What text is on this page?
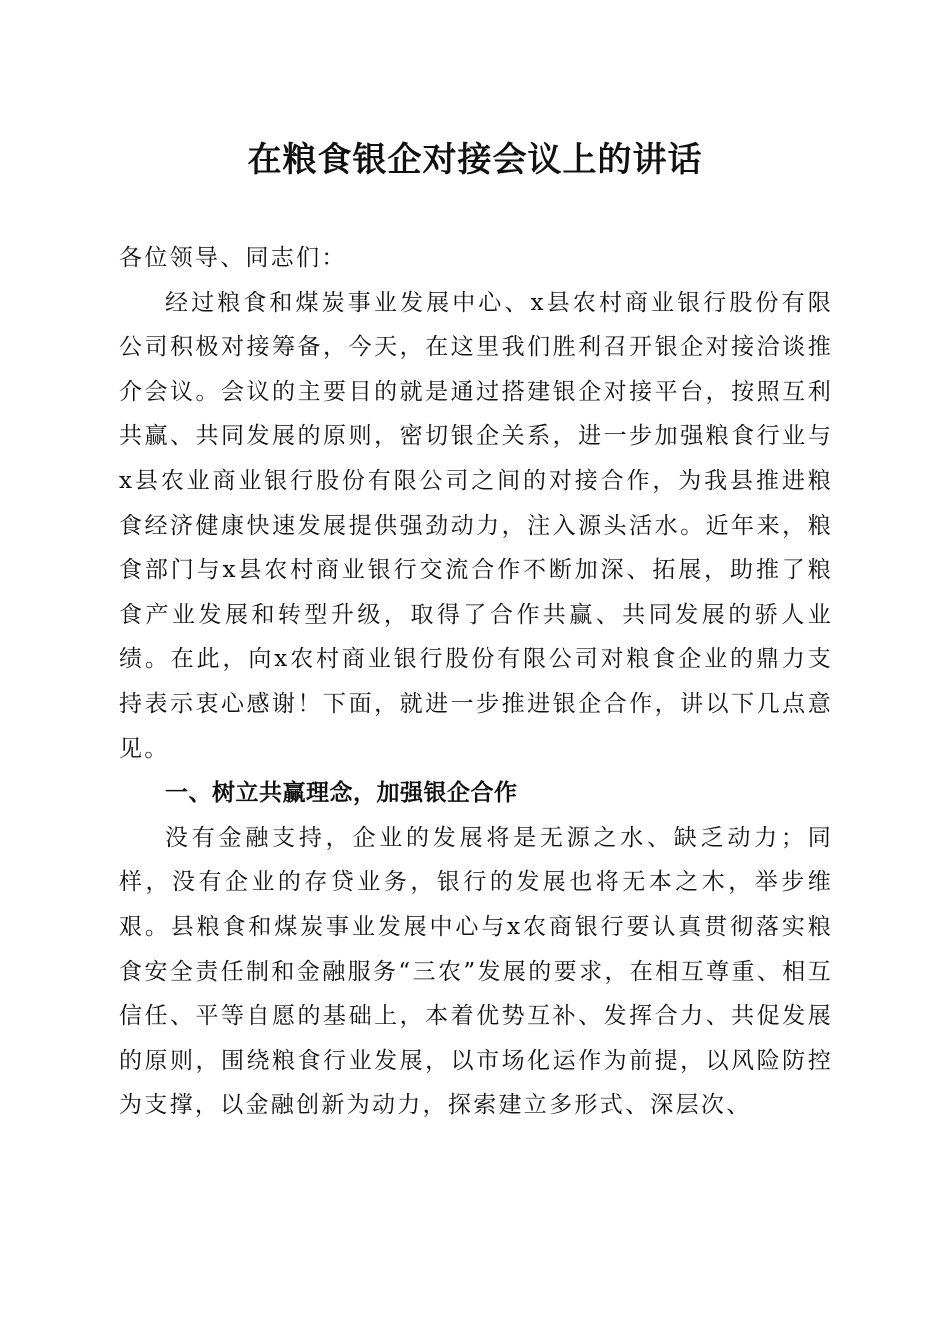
在粮食银企对接会议上的讲话

各位领导、同志们：

经过粮食和煤炭事业发展中心、x县农村商业银行股份有限公司积极对接筹备，今天，在这里我们胜利召开银企对接洽谈推介会议。会议的主要目的就是通过搭建银企对接平台，按照互利共赢、共同发展的原则，密切银企关系，进一步加强粮食行业与x县农业商业银行股份有限公司之间的对接合作，为我县推进粮食经济健康快速发展提供强劲动力，注入源头活水。近年来，粮食部门与x县农村商业银行交流合作不断加深、拓展，助推了粮食产业发展和转型升级，取得了合作共赢、共同发展的骄人业绩。在此，向x农村商业银行股份有限公司对粮食企业的鼎力支持表示衷心感谢！下面，就进一步推进银企合作，讲以下几点意见。

一、树立共赢理念，加强银企合作

没有金融支持，企业的发展将是无源之水、缺乏动力；同样，没有企业的存贷业务，银行的发展也将无本之木，举步维艰。县粮食和煤炭事业发展中心与x农商银行要认真贯彻落实粮食安全责任制和金融服务“三农”发展的要求，在相互尊重、相互信任、平等自愿的基础上，本着优势互补、发挥合力、共促发展的原则，围绕粮食行业发展，以市场化运作为前提，以风险防控为支撑，以金融创新为动力，探索建立多形式、深层次、
